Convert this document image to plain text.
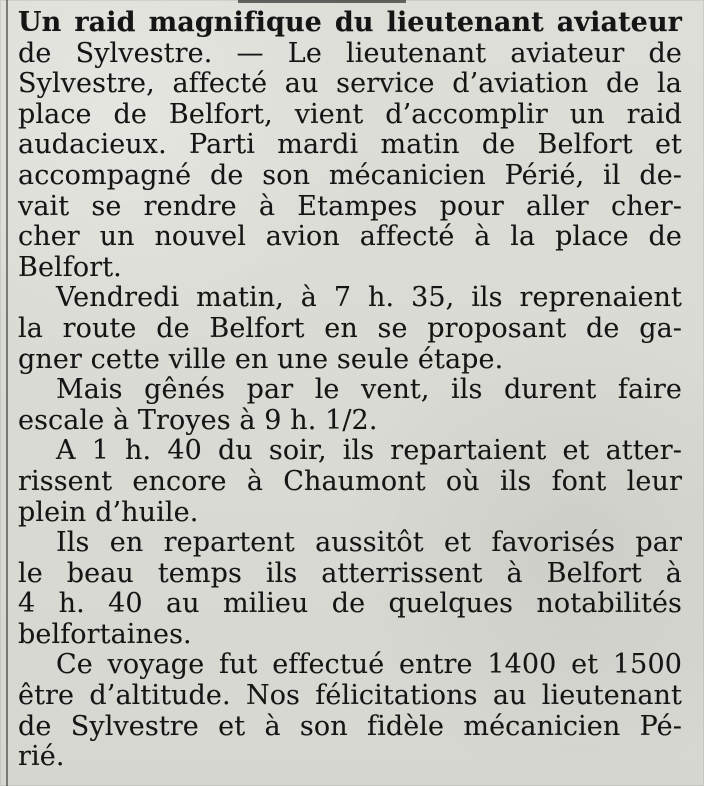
Un raid magnifique du lieutenant aviateur
de Sylvestre. — Le lieutenant aviateur de
Sylvestre, affecté au service d’aviation de la
place de Belfort, vient d’accomplir un raid
audacieux. Parti mardi matin de Belfort et
accompagné de son mécanicien Périé, il de-
vait se rendre à Etampes pour aller cher-
cher un nouvel avion affecté à la place de
Belfort.
Vendredi matin, à 7 h. 35, ils reprenaient
la route de Belfort en se proposant de ga-
gner cette ville en une seule étape.
Mais gênés par le vent, ils durent faire
escale à Troyes à 9 h. 1/2.
A 1 h. 40 du soir, ils repartaient et atter-
rissent encore à Chaumont où ils font leur
plein d’huile.
Ils en repartent aussitôt et favorisés par
le beau temps ils atterrissent à Belfort à
4 h. 40 au milieu de quelques notabilités
belfortaines.
Ce voyage fut effectué entre 1400 et 1500
être d’altitude. Nos félicitations au lieutenant
de Sylvestre et à son fidèle mécanicien Pé-
rié.
